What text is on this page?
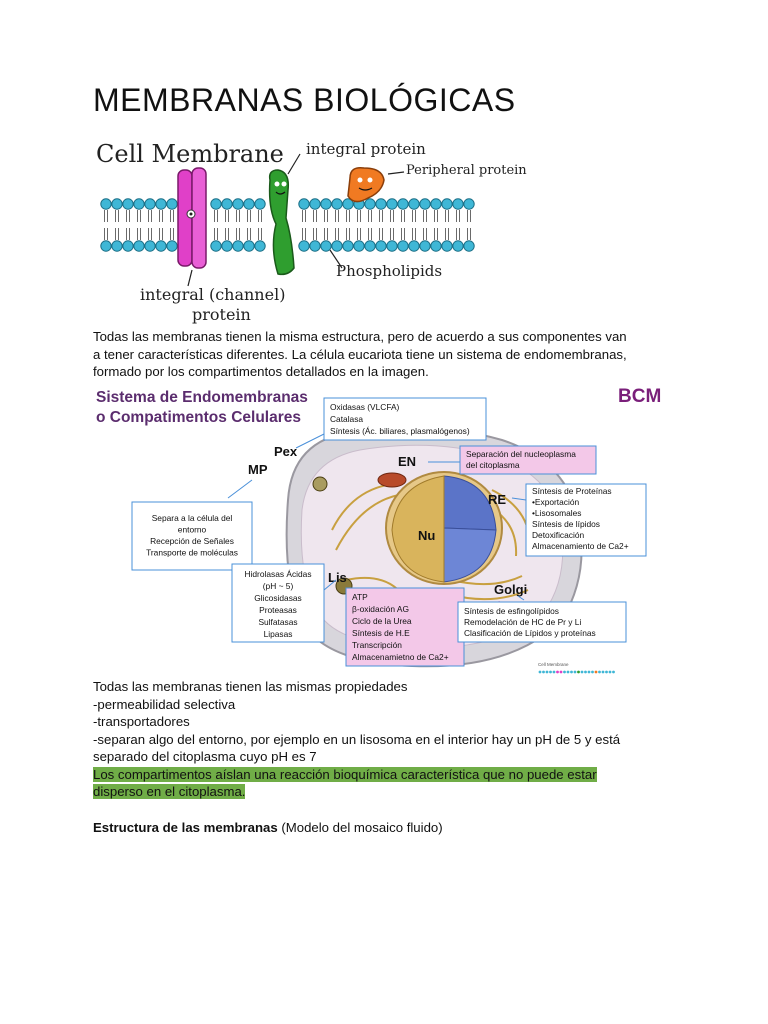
MEMBRANAS BIOLÓGICAS
Cell Membrane integral protein
Peripheral protein
Phospholipids
integral (channel)
protein

Todas las membranas tienen la misma estructura, pero de acuerdo a sus componentes van
a tener características diferentes. La célula eucariota tiene un sistema de endomembranas,
formado por los compartimentos detallados en la imagen.

Sistema de Endomembranas
o Compatimentos Celulares
BCM
Pex
MP
EN
RE
Nu
Lis
Golgi
Oxidasas (VLCFA)
Catalasa
Síntesis (Ác. biliares, plasmalógenos)
Separación del nucleoplasma
del citoplasma
Separa a la célula del
entorno
Recepción de Señales
Transporte de moléculas
Síntesis de Proteínas
•Exportación
•Lisosomales
Síntesis de lípidos
Detoxificación
Almacenamiento de Ca2+
Hidrolasas Ácidas
(pH ~ 5)
Glicosidasas
Proteasas
Sulfatasas
Lipasas
ATP
β-oxidación AG
Ciclo de la Urea
Síntesis de H.E
Transcripción
Almacenamietno de Ca2+
Síntesis de esfingolípidos
Remodelación de HC de Pr y Li
Clasificación de Lípidos y proteínas
Cell Membrane

Todas las membranas tienen las mismas propiedades
-permeabilidad selectiva
-transportadores
-separan algo del entorno, por ejemplo en un lisosoma en el interior hay un pH de 5 y está
separado del citoplasma cuyo pH es 7
Los compartimentos aíslan una reacción bioquímica característica que no puede estar
disperso en el citoplasma.

Estructura de las membranas (Modelo del mosaico fluido)
